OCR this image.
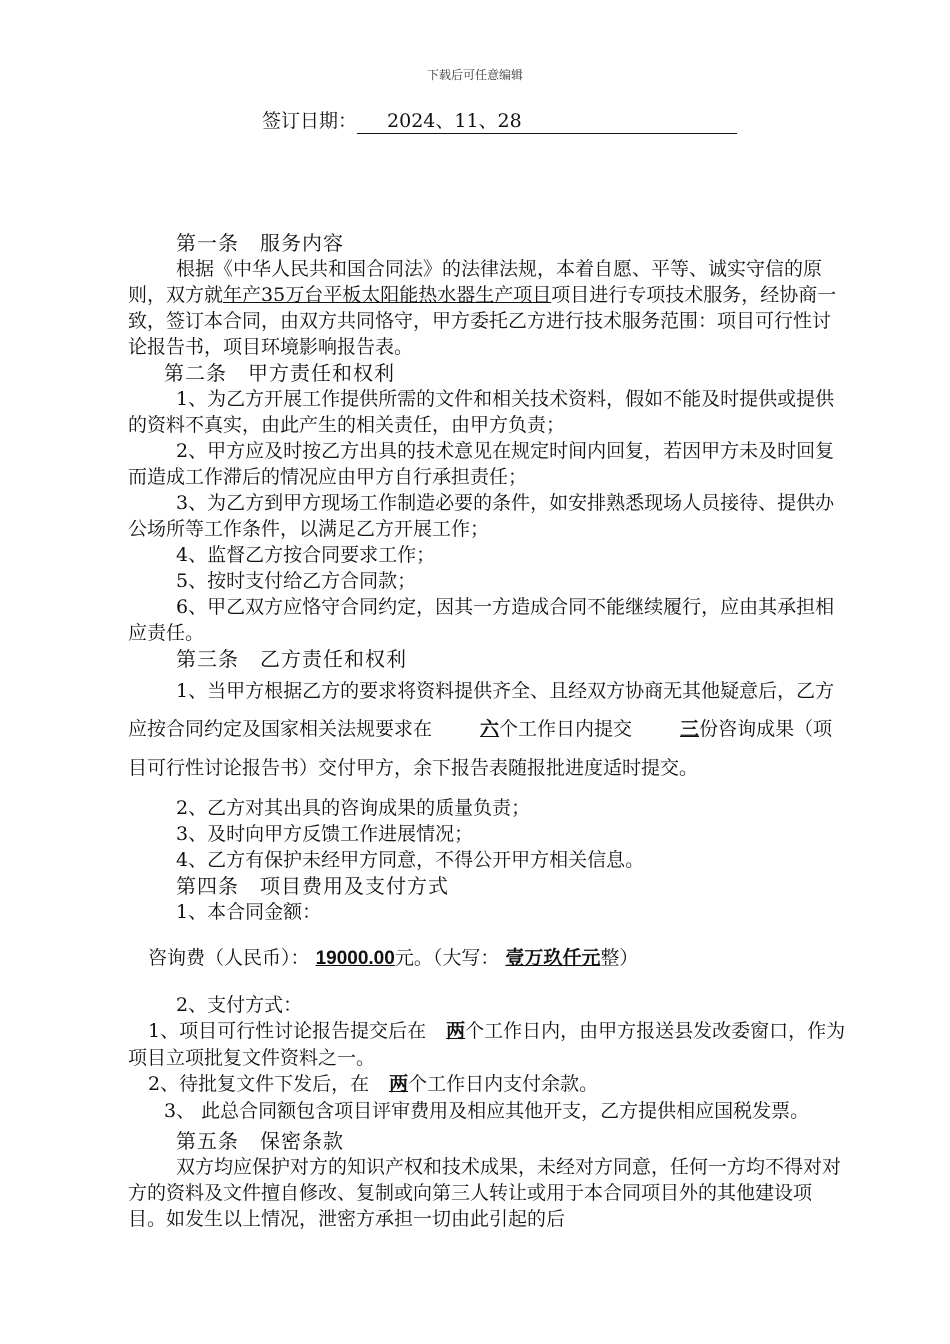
下载后可任意编辑
签订日期： 2024、11、28

第一条　服务内容

根据《中华人民共和国合同法》的法律法规，本着自愿、平等、诚实守信的原则，双方就年产35万台平板太阳能热水器生产项目项目进行专项技术服务，经协商一致，签订本合同，由双方共同恪守，甲方委托乙方进行技术服务范围：项目可行性讨论报告书，项目环境影响报告表。

第二条　甲方责任和权利

1、为乙方开展工作提供所需的文件和相关技术资料，假如不能及时提供或提供的资料不真实，由此产生的相关责任，由甲方负责；

2、甲方应及时按乙方出具的技术意见在规定时间内回复，若因甲方未及时回复而造成工作滞后的情况应由甲方自行承担责任；

3、为乙方到甲方现场工作制造必要的条件，如安排熟悉现场人员接待、提供办公场所等工作条件，以满足乙方开展工作；

4、监督乙方按合同要求工作；

5、按时支付给乙方合同款；

6、甲乙双方应恪守合同约定，因其一方造成合同不能继续履行，应由其承担相应责任。

第三条　乙方责任和权利

1、当甲方根据乙方的要求将资料提供齐全、且经双方协商无其他疑意后，乙方应按合同约定及国家相关法规要求在	六个工作日内提交	三份咨询成果（项目可行性讨论报告书）交付甲方，余下报告表随报批进度适时提交。

2、乙方对其出具的咨询成果的质量负责；

3、及时向甲方反馈工作进展情况；

4、乙方有保护未经甲方同意，不得公开甲方相关信息。

第四条　项目费用及支付方式

1、本合同金额：

咨询费（人民币）： 19000.00元。（大写： 壹万玖仟元整）

2、支付方式：

1、项目可行性讨论报告提交后在 两个工作日内，由甲方报送县发改委窗口，作为项目立项批复文件资料之一。

2、待批复文件下发后，在 两个工作日内支付余款。

3、 此总合同额包含项目评审费用及相应其他开支，乙方提供相应国税发票。

第五条　保密条款

双方均应保护对方的知识产权和技术成果，未经对方同意，任何一方均不得对对方的资料及文件擅自修改、复制或向第三人转让或用于本合同项目外的其他建设项目。如发生以上情况，泄密方承担一切由此引起的后
